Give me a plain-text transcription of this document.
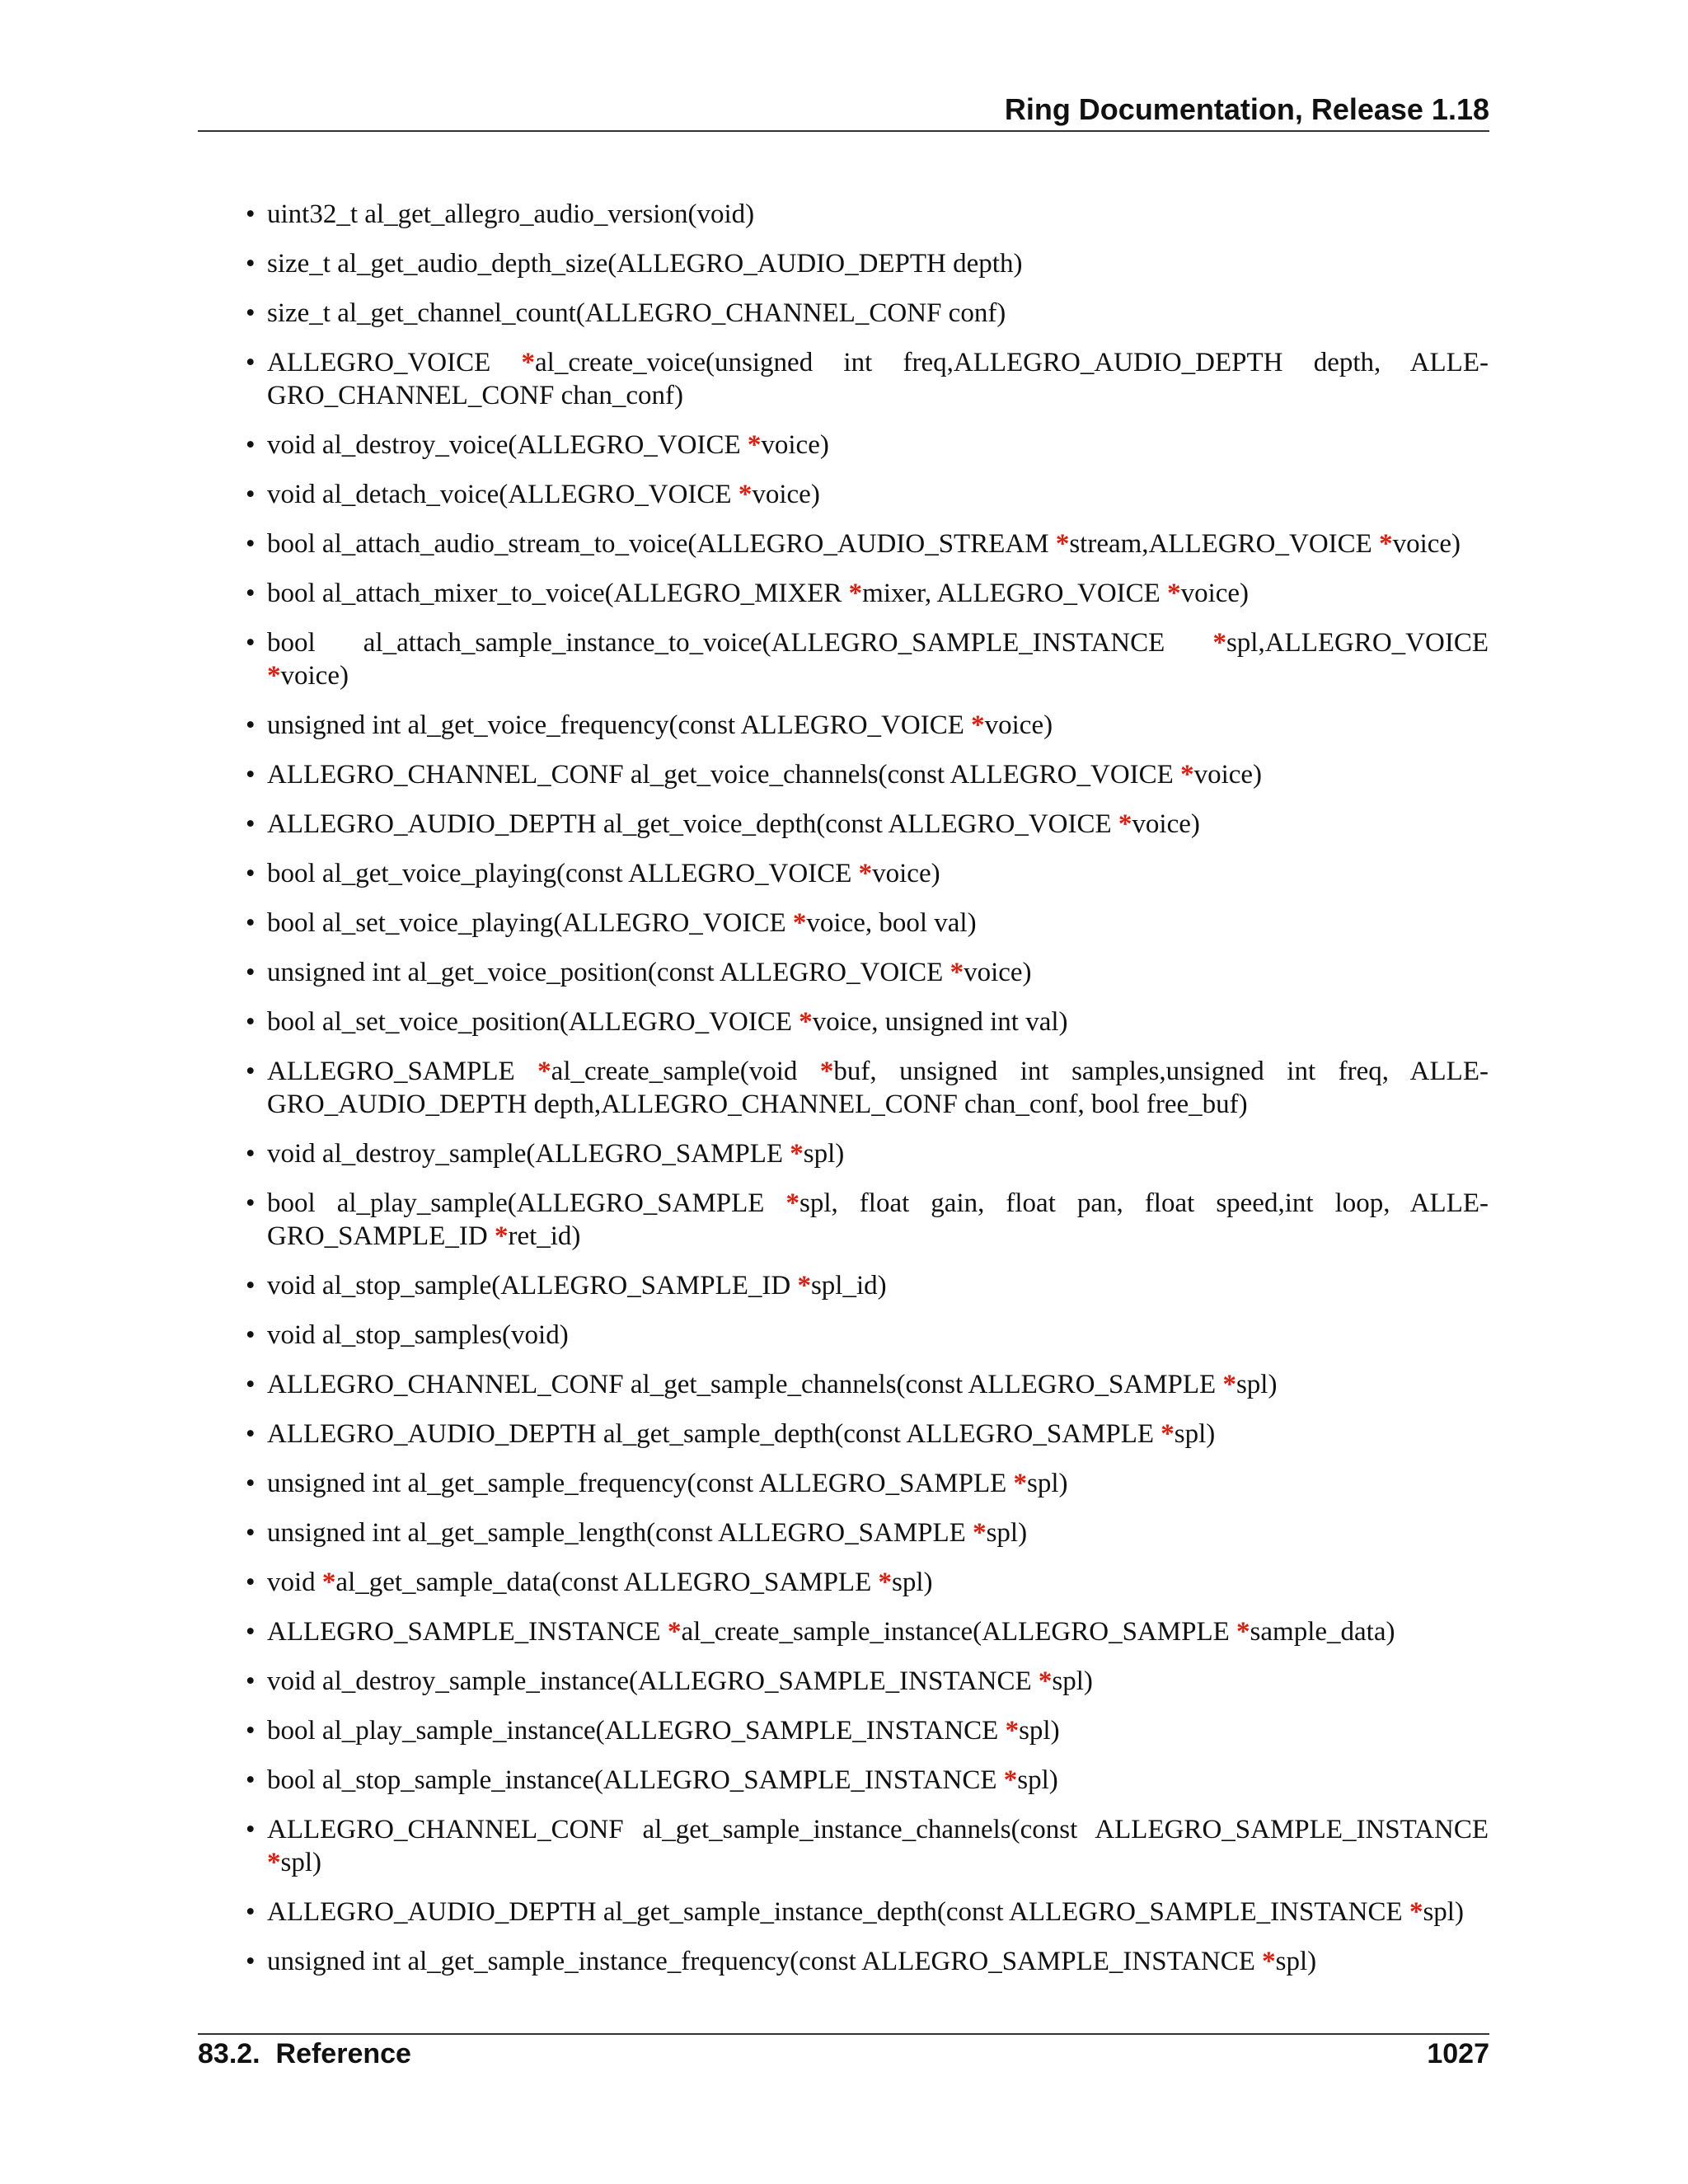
Ring Documentation, Release 1.18
• uint32_t al_get_allegro_audio_version(void)
• size_t al_get_audio_depth_size(ALLEGRO_AUDIO_DEPTH depth)
• size_t al_get_channel_count(ALLEGRO_CHANNEL_CONF conf)
• ALLEGRO_VOICE *al_create_voice(unsigned int freq,ALLEGRO_AUDIO_DEPTH depth, ALLE-GRO_CHANNEL_CONF chan_conf)
• void al_destroy_voice(ALLEGRO_VOICE *voice)
• void al_detach_voice(ALLEGRO_VOICE *voice)
• bool al_attach_audio_stream_to_voice(ALLEGRO_AUDIO_STREAM *stream,ALLEGRO_VOICE *voice)
• bool al_attach_mixer_to_voice(ALLEGRO_MIXER *mixer, ALLEGRO_VOICE *voice)
• bool al_attach_sample_instance_to_voice(ALLEGRO_SAMPLE_INSTANCE *spl,ALLEGRO_VOICE *voice)
• unsigned int al_get_voice_frequency(const ALLEGRO_VOICE *voice)
• ALLEGRO_CHANNEL_CONF al_get_voice_channels(const ALLEGRO_VOICE *voice)
• ALLEGRO_AUDIO_DEPTH al_get_voice_depth(const ALLEGRO_VOICE *voice)
• bool al_get_voice_playing(const ALLEGRO_VOICE *voice)
• bool al_set_voice_playing(ALLEGRO_VOICE *voice, bool val)
• unsigned int al_get_voice_position(const ALLEGRO_VOICE *voice)
• bool al_set_voice_position(ALLEGRO_VOICE *voice, unsigned int val)
• ALLEGRO_SAMPLE *al_create_sample(void *buf, unsigned int samples,unsigned int freq, ALLE-GRO_AUDIO_DEPTH depth,ALLEGRO_CHANNEL_CONF chan_conf, bool free_buf)
• void al_destroy_sample(ALLEGRO_SAMPLE *spl)
• bool al_play_sample(ALLEGRO_SAMPLE *spl, float gain, float pan, float speed,int loop, ALLE-GRO_SAMPLE_ID *ret_id)
• void al_stop_sample(ALLEGRO_SAMPLE_ID *spl_id)
• void al_stop_samples(void)
• ALLEGRO_CHANNEL_CONF al_get_sample_channels(const ALLEGRO_SAMPLE *spl)
• ALLEGRO_AUDIO_DEPTH al_get_sample_depth(const ALLEGRO_SAMPLE *spl)
• unsigned int al_get_sample_frequency(const ALLEGRO_SAMPLE *spl)
• unsigned int al_get_sample_length(const ALLEGRO_SAMPLE *spl)
• void *al_get_sample_data(const ALLEGRO_SAMPLE *spl)
• ALLEGRO_SAMPLE_INSTANCE *al_create_sample_instance(ALLEGRO_SAMPLE *sample_data)
• void al_destroy_sample_instance(ALLEGRO_SAMPLE_INSTANCE *spl)
• bool al_play_sample_instance(ALLEGRO_SAMPLE_INSTANCE *spl)
• bool al_stop_sample_instance(ALLEGRO_SAMPLE_INSTANCE *spl)
• ALLEGRO_CHANNEL_CONF al_get_sample_instance_channels(const ALLEGRO_SAMPLE_INSTANCE *spl)
• ALLEGRO_AUDIO_DEPTH al_get_sample_instance_depth(const ALLEGRO_SAMPLE_INSTANCE *spl)
• unsigned int al_get_sample_instance_frequency(const ALLEGRO_SAMPLE_INSTANCE *spl)
83.2.  Reference	1027
